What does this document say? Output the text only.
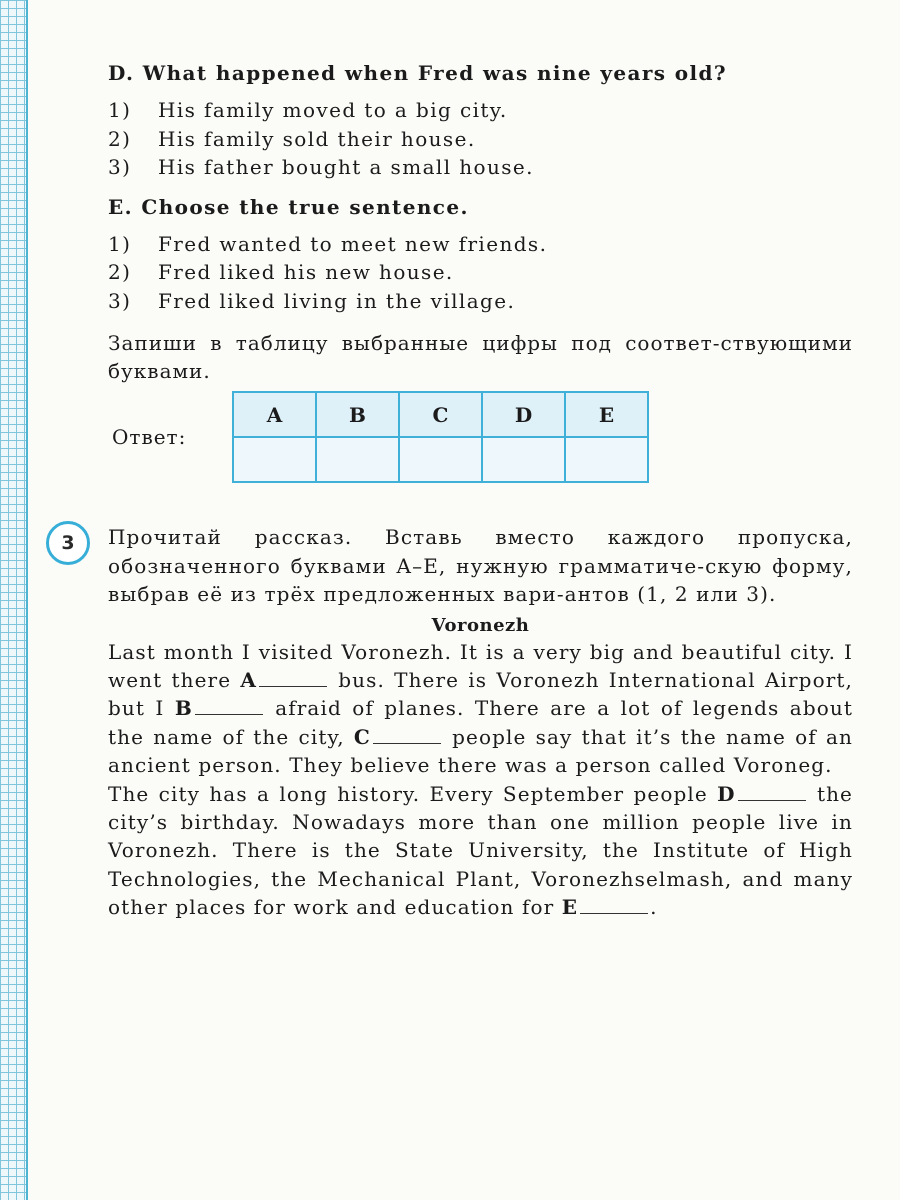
D. What happened when Fred was nine years old?
1) His family moved to a big city.
2) His family sold their house.
3) His father bought a small house.
E. Choose the true sentence.
1) Fred wanted to meet new friends.
2) Fred liked his new house.
3) Fred liked living in the village.
Запиши в таблицу выбранные цифры под соответ-ствующими буквами.
Ответ:
A	B	C	D	E

3	Прочитай рассказ. Вставь вместо каждого пропуска, обозначенного буквами A–E, нужную грамматиче-скую форму, выбрав её из трёх предложенных вари-антов (1, 2 или 3).
Voronezh

Last month I visited Voronezh. It is a very big and beautiful city. I went there A	bus. There is Voronezh International Airport, but I B	afraid of planes. There are a lot of legends about the name of the city, C	people say that it’s the name of an ancient person. They believe there was a person called Voroneg.

The city has a long history. Every September people D	the city’s birthday. Nowadays more than one million people live in Voronezh. There is the State University, the Institute of High Technologies, the Mechanical Plant, Voronezhselmash, and many other places for work and education for E	.
